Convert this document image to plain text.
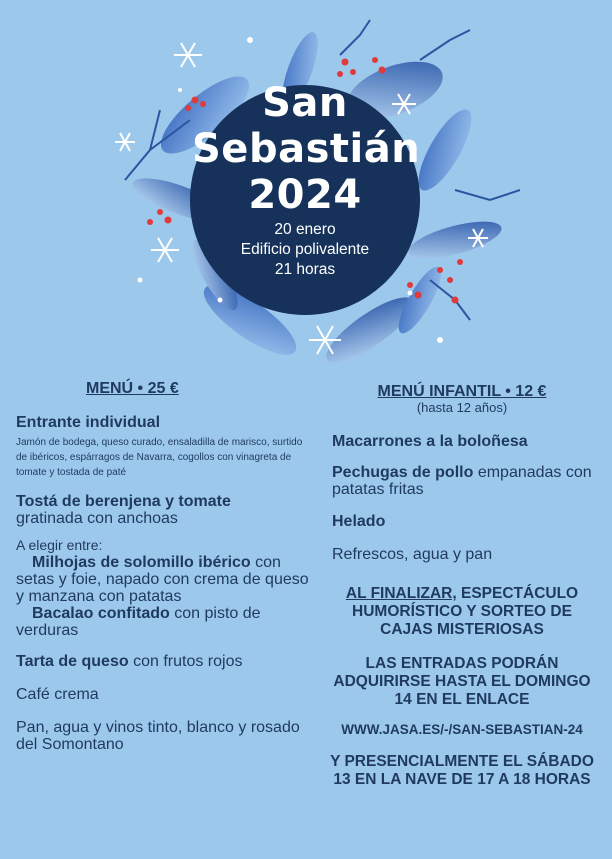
San
Sebastián
2024
20 enero
Edificio polivalente
21 horas
MENÚ • 25 €
Entrante individual
Jamón de bodega, queso curado, ensaladilla de marisco, surtido de ibéricos, espárragos de Navarra, cogollos con vinagreta de tomate y tostada de paté
Tostá de berenjena y tomate
gratinada con anchoas
A elegir entre:
Milhojas de solomillo ibérico con setas y foie, napado con crema de queso y manzana con patatas
Bacalao confitado con pisto de verduras
Tarta de queso con frutos rojos
Café crema
Pan, agua y vinos tinto, blanco y rosado del Somontano
MENÚ INFANTIL • 12 €
(hasta 12 años)
Macarrones a la boloñesa
Pechugas de pollo empanadas con patatas fritas
Helado
Refrescos, agua y pan
AL FINALIZAR, ESPECTÁCULO HUMORÍSTICO Y SORTEO DE CAJAS MISTERIOSAS
LAS ENTRADAS PODRÁN ADQUIRIRSE HASTA EL DOMINGO 14 EN EL ENLACE
WWW.JASA.ES/-/SAN-SEBASTIAN-24
Y PRESENCIALMENTE EL SÁBADO 13 EN LA NAVE DE 17 A 18 HORAS
